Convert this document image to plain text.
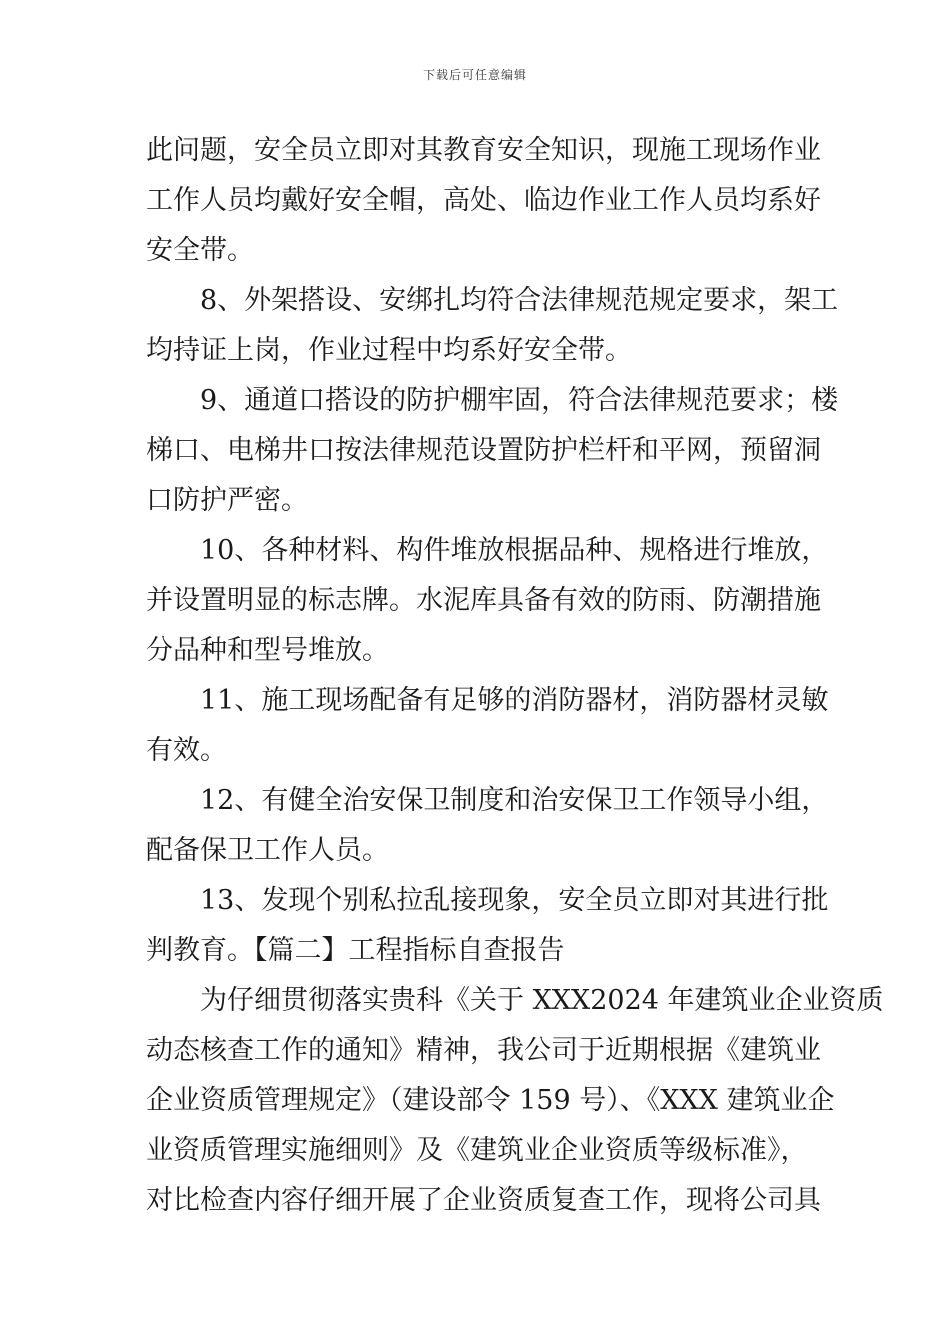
下载后可任意编辑
此问题，安全员立即对其教育安全知识，现施工现场作业
工作人员均戴好安全帽，高处、临边作业工作人员均系好
安全带。
8、外架搭设、安绑扎均符合法律规范规定要求，架工
均持证上岗，作业过程中均系好安全带。
9、通道口搭设的防护棚牢固，符合法律规范要求；楼
梯口、电梯井口按法律规范设置防护栏杆和平网，预留洞
口防护严密。
10、各种材料、构件堆放根据品种、规格进行堆放，
并设置明显的标志牌。水泥库具备有效的防雨、防潮措施
分品种和型号堆放。
11、施工现场配备有足够的消防器材，消防器材灵敏
有效。
12、有健全治安保卫制度和治安保卫工作领导小组，
配备保卫工作人员。
13、发现个别私拉乱接现象，安全员立即对其进行批
判教育。【篇二】工程指标自查报告
为仔细贯彻落实贵科《关于 XXX2024 年建筑业企业资质
动态核查工作的通知》精神，我公司于近期根据《建筑业
企业资质管理规定》（建设部令 159 号）、《XXX 建筑业企
业资质管理实施细则》及《建筑业企业资质等级标准》，
对比检查内容仔细开展了企业资质复查工作，现将公司具
